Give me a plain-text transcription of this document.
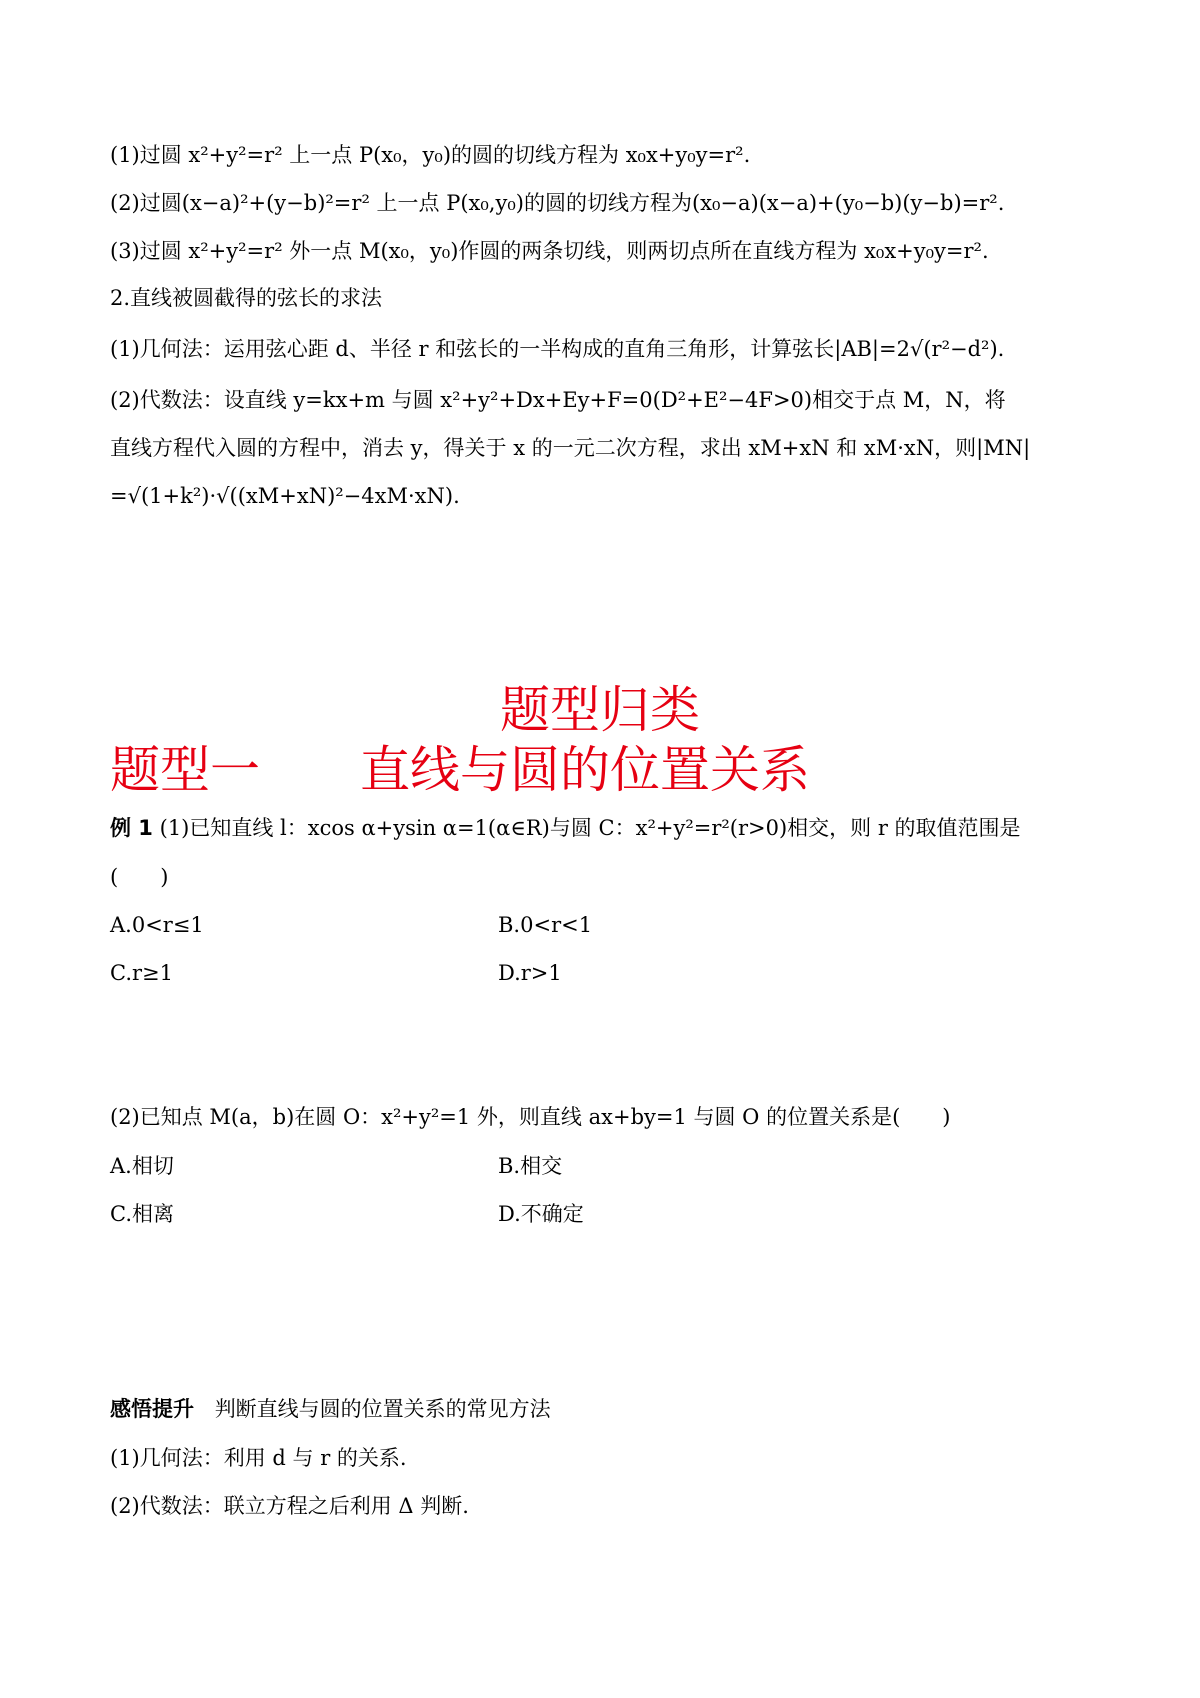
(1)过圆 x²+y²=r² 上一点 P(x₀，y₀)的圆的切线方程为 x₀x+y₀y=r².
(2)过圆(x−a)²+(y−b)²=r² 上一点 P(x₀,y₀)的圆的切线方程为(x₀−a)(x−a)+(y₀−b)(y−b)=r².
(3)过圆 x²+y²=r² 外一点 M(x₀，y₀)作圆的两条切线，则两切点所在直线方程为 x₀x+y₀y=r².
2.直线被圆截得的弦长的求法
(1)几何法：运用弦心距 d、半径 r 和弦长的一半构成的直角三角形，计算弦长|AB|=2√(r²−d²).
(2)代数法：设直线 y=kx+m 与圆 x²+y²+Dx+Ey+F=0(D²+E²−4F>0)相交于点 M，N，将
直线方程代入圆的方程中，消去 y，得关于 x 的一元二次方程，求出 xM+xN 和 xM·xN，则|MN|
=√(1+k²)·√((xM+xN)²−4xM·xN).
题型归类
题型一　　直线与圆的位置关系
例 1 (1)已知直线 l：xcos α+ysin α=1(α∈R)与圆 C：x²+y²=r²(r>0)相交，则 r 的取值范围是
(　　)
A.0<r≤1	B.0<r<1
C.r≥1	D.r>1
(2)已知点 M(a，b)在圆 O：x²+y²=1 外，则直线 ax+by=1 与圆 O 的位置关系是(　　)
A.相切	B.相交
C.相离	D.不确定
感悟提升 判断直线与圆的位置关系的常见方法
(1)几何法：利用 d 与 r 的关系.
(2)代数法：联立方程之后利用 Δ 判断.
